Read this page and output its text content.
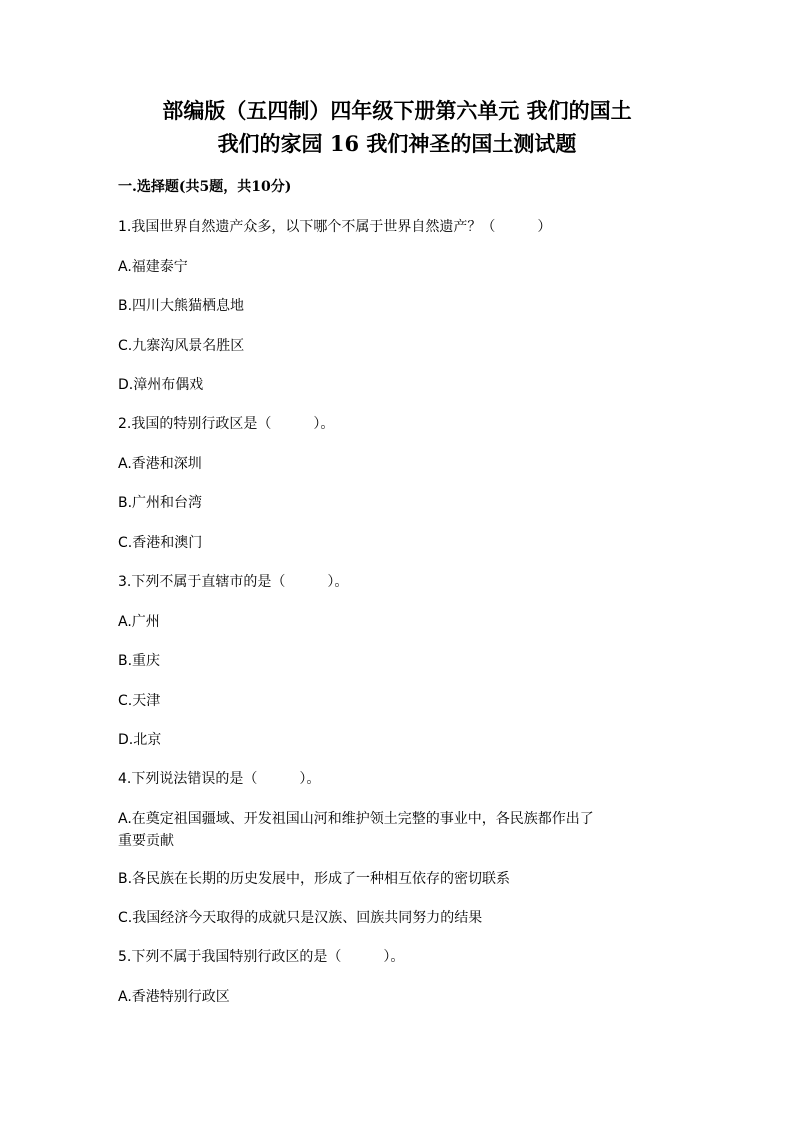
部编版（五四制）四年级下册第六单元 我们的国土
我们的家园 16 我们神圣的国土测试题
一.选择题(共5题，共10分)
1.我国世界自然遗产众多，以下哪个不属于世界自然遗产？（　　　）
A.福建泰宁
B.四川大熊猫栖息地
C.九寨沟风景名胜区
D.漳州布偶戏
2.我国的特别行政区是（　　　）。
A.香港和深圳
B.广州和台湾
C.香港和澳门
3.下列不属于直辖市的是（　　　）。
A.广州
B.重庆
C.天津
D.北京
4.下列说法错误的是（　　　）。
A.在奠定祖国疆域、开发祖国山河和维护领土完整的事业中，各民族都作出了
重要贡献
B.各民族在长期的历史发展中，形成了一种相互依存的密切联系
C.我国经济今天取得的成就只是汉族、回族共同努力的结果
5.下列不属于我国特别行政区的是（　　　）。
A.香港特别行政区
